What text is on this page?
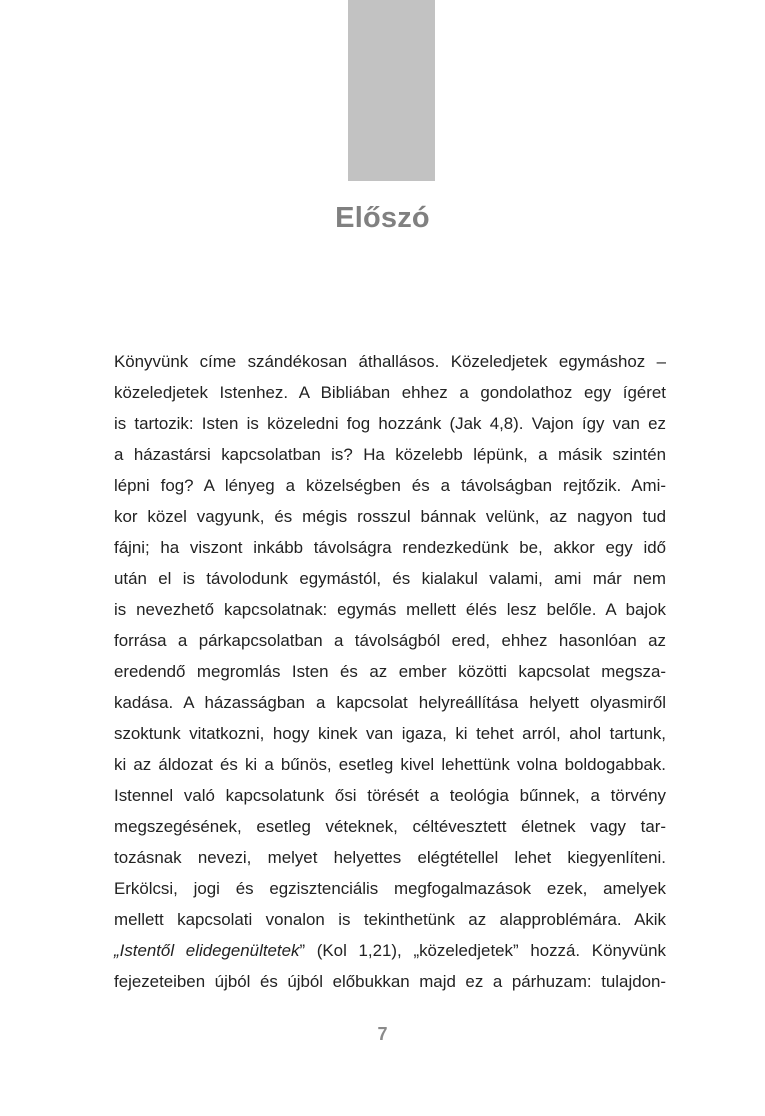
Előszó
Könyvünk címe szándékosan áthallásos. Közeledjetek egymáshoz –
közeledjetek Istenhez. A Bibliában ehhez a gondolathoz egy ígéret
is tartozik: Isten is közeledni fog hozzánk (Jak 4,8). Vajon így van ez
a házastársi kapcsolatban is? Ha közelebb lépünk, a másik szintén
lépni fog? A lényeg a közelségben és a távolságban rejtőzik. Ami-
kor közel vagyunk, és mégis rosszul bánnak velünk, az nagyon tud
fájni; ha viszont inkább távolságra rendezkedünk be, akkor egy idő
után el is távolodunk egymástól, és kialakul valami, ami már nem
is nevezhető kapcsolatnak: egymás mellett élés lesz belőle. A bajok
forrása a párkapcsolatban a távolságból ered, ehhez hasonlóan az
eredendő megromlás Isten és az ember közötti kapcsolat megsza-
kadása. A házasságban a kapcsolat helyreállítása helyett olyasmiről
szoktunk vitatkozni, hogy kinek van igaza, ki tehet arról, ahol tartunk,
ki az áldozat és ki a bűnös, esetleg kivel lehettünk volna boldogabbak.
Istennel való kapcsolatunk ősi törését a teológia bűnnek, a törvény
megszegésének, esetleg véteknek, céltévesztett életnek vagy tar-
tozásnak nevezi, melyet helyettes elégtétellel lehet kiegyenlíteni.
Erkölcsi, jogi és egzisztenciális megfogalmazások ezek, amelyek
mellett kapcsolati vonalon is tekinthetünk az alapproblémára. Akik
„Istentől elidegenültetek” (Kol 1,21), „közeledjetek” hozzá. Könyvünk
fejezeteiben újból és újból előbukkan majd ez a párhuzam: tulajdon-
7
